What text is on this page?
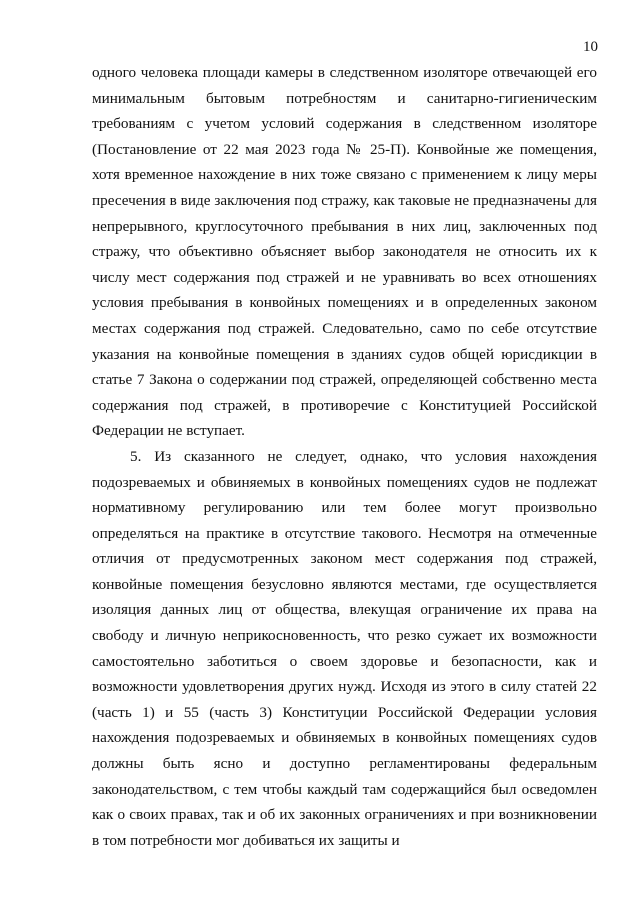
10

одного человека площади камеры в следственном изоляторе отвечающей его минимальным бытовым потребностям и санитарно-гигиеническим требованиям с учетом условий содержания в следственном изоляторе (Постановление от 22 мая 2023 года № 25-П). Конвойные же помещения, хотя временное нахождение в них тоже связано с применением к лицу меры пресечения в виде заключения под стражу, как таковые не предназначены для непрерывного, круглосуточного пребывания в них лиц, заключенных под стражу, что объективно объясняет выбор законодателя не относить их к числу мест содержания под стражей и не уравнивать во всех отношениях условия пребывания в конвойных помещениях и в определенных законом местах содержания под стражей. Следовательно, само по себе отсутствие указания на конвойные помещения в зданиях судов общей юрисдикции в статье 7 Закона о содержании под стражей, определяющей собственно места содержания под стражей, в противоречие с Конституцией Российской Федерации не вступает.

5. Из сказанного не следует, однако, что условия нахождения подозреваемых и обвиняемых в конвойных помещениях судов не подлежат нормативному регулированию или тем более могут произвольно определяться на практике в отсутствие такового. Несмотря на отмеченные отличия от предусмотренных законом мест содержания под стражей, конвойные помещения безусловно являются местами, где осуществляется изоляция данных лиц от общества, влекущая ограничение их права на свободу и личную неприкосновенность, что резко сужает их возможности самостоятельно заботиться о своем здоровье и безопасности, как и возможности удовлетворения других нужд. Исходя из этого в силу статей 22 (часть 1) и 55 (часть 3) Конституции Российской Федерации условия нахождения подозреваемых и обвиняемых в конвойных помещениях судов должны быть ясно и доступно регламентированы федеральным законодательством, с тем чтобы каждый там содержащийся был осведомлен как о своих правах, так и об их законных ограничениях и при возникновении в том потребности мог добиваться их защиты и
